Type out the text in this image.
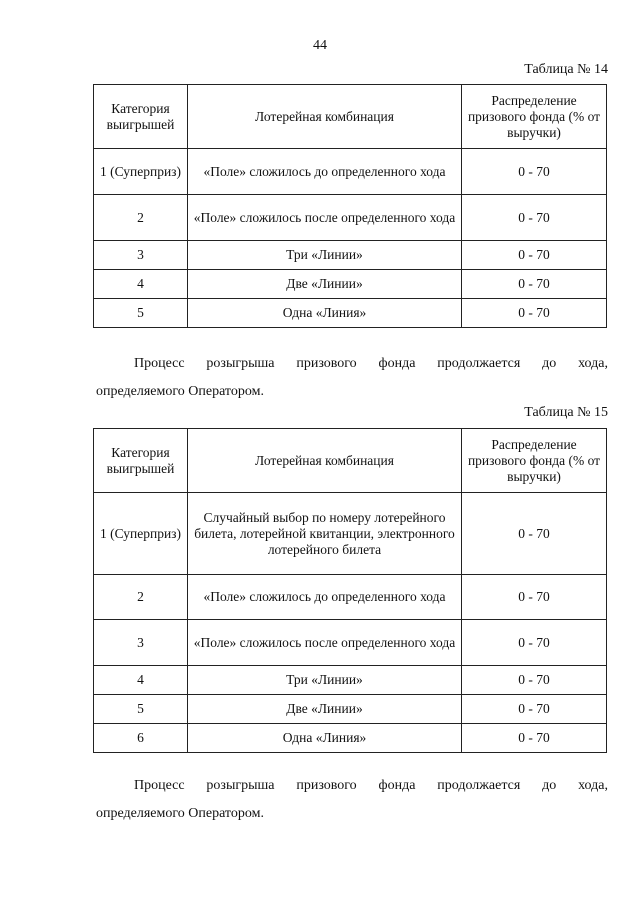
44
Таблица № 14
Категория выигрышей	Лотерейная комбинация	Распределение призового фонда (% от выручки)
1 (Суперприз)	«Поле» сложилось до определенного хода	0 - 70
2	«Поле» сложилось после определенного хода	0 - 70
3	Три «Линии»	0 - 70
4	Две «Линии»	0 - 70
5	Одна «Линия»	0 - 70
Процесс розыгрыша призового фонда продолжается до хода,
определяемого Оператором.
Таблица № 15
Категория выигрышей	Лотерейная комбинация	Распределение призового фонда (% от выручки)
1 (Суперприз)	Случайный выбор по номеру лотерейного билета, лотерейной квитанции, электронного лотерейного билета	0 - 70
2	«Поле» сложилось до определенного хода	0 - 70
3	«Поле» сложилось после определенного хода	0 - 70
4	Три «Линии»	0 - 70
5	Две «Линии»	0 - 70
6	Одна «Линия»	0 - 70
Процесс розыгрыша призового фонда продолжается до хода,
определяемого Оператором.
